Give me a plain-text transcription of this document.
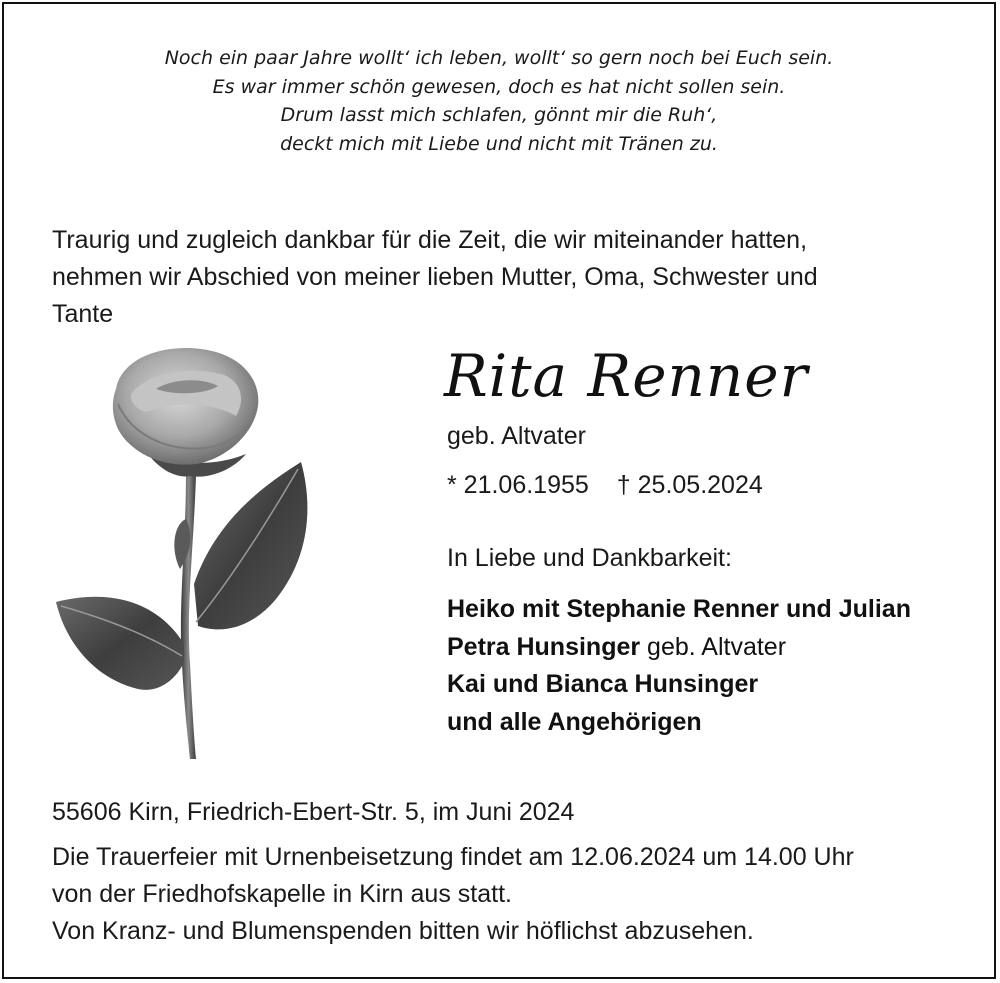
Noch ein paar Jahre wollt‘ ich leben, wollt‘ so gern noch bei Euch sein.
Es war immer schön gewesen, doch es hat nicht sollen sein.
Drum lasst mich schlafen, gönnt mir die Ruh‘,
deckt mich mit Liebe und nicht mit Tränen zu.
Traurig und zugleich dankbar für die Zeit, die wir miteinander hatten,
nehmen wir Abschied von meiner lieben Mutter, Oma, Schwester und
Tante
Rita Renner
geb. Altvater
* 21.06.1955 † 25.05.2024
In Liebe und Dankbarkeit:
Heiko mit Stephanie Renner und Julian
Petra Hunsinger geb. Altvater
Kai und Bianca Hunsinger
und alle Angehörigen
55606 Kirn, Friedrich-Ebert-Str. 5, im Juni 2024
Die Trauerfeier mit Urnenbeisetzung findet am 12.06.2024 um 14.00 Uhr
von der Friedhofskapelle in Kirn aus statt.
Von Kranz- und Blumenspenden bitten wir höflichst abzusehen.
